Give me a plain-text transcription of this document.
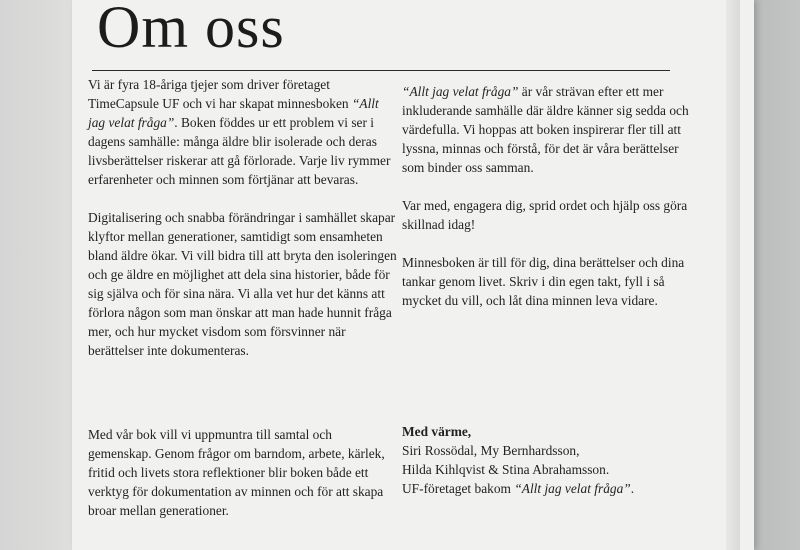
Om oss

Vi är fyra 18-åriga tjejer som driver företaget TimeCapsule UF och vi har skapat minnesboken “Allt jag velat fråga”. Boken föddes ur ett problem vi ser i dagens samhälle: många äldre blir isolerade och deras livsberättelser riskerar att gå förlorade. Varje liv rymmer erfarenheter och minnen som förtjänar att bevaras.

Digitalisering och snabba förändringar i samhället skapar klyftor mellan generationer, samtidigt som ensamheten bland äldre ökar. Vi vill bidra till att bryta den isoleringen och ge äldre en möjlighet att dela sina historier, både för sig själva och för sina nära. Vi alla vet hur det känns att förlora någon som man önskar att man hade hunnit fråga mer, och hur mycket visdom som försvinner när berättelser inte dokumenteras.

Med vår bok vill vi uppmuntra till samtal och gemenskap. Genom frågor om barndom, arbete, kärlek, fritid och livets stora reflektioner blir boken både ett verktyg för dokumentation av minnen och för att skapa broar mellan generationer.

“Allt jag velat fråga” är vår strävan efter ett mer inkluderande samhälle där äldre känner sig sedda och värdefulla. Vi hoppas att boken inspirerar fler till att lyssna, minnas och förstå, för det är våra berättelser som binder oss samman.

Var med, engagera dig, sprid ordet och hjälp oss göra skillnad idag!

Minnesboken är till för dig, dina berättelser och dina tankar genom livet. Skriv i din egen takt, fyll i så mycket du vill, och låt dina minnen leva vidare.

Med värme,
Siri Rossödal, My Bernhardsson,
Hilda Kihlqvist & Stina Abrahamsson.
UF-företaget bakom “Allt jag velat fråga”.
